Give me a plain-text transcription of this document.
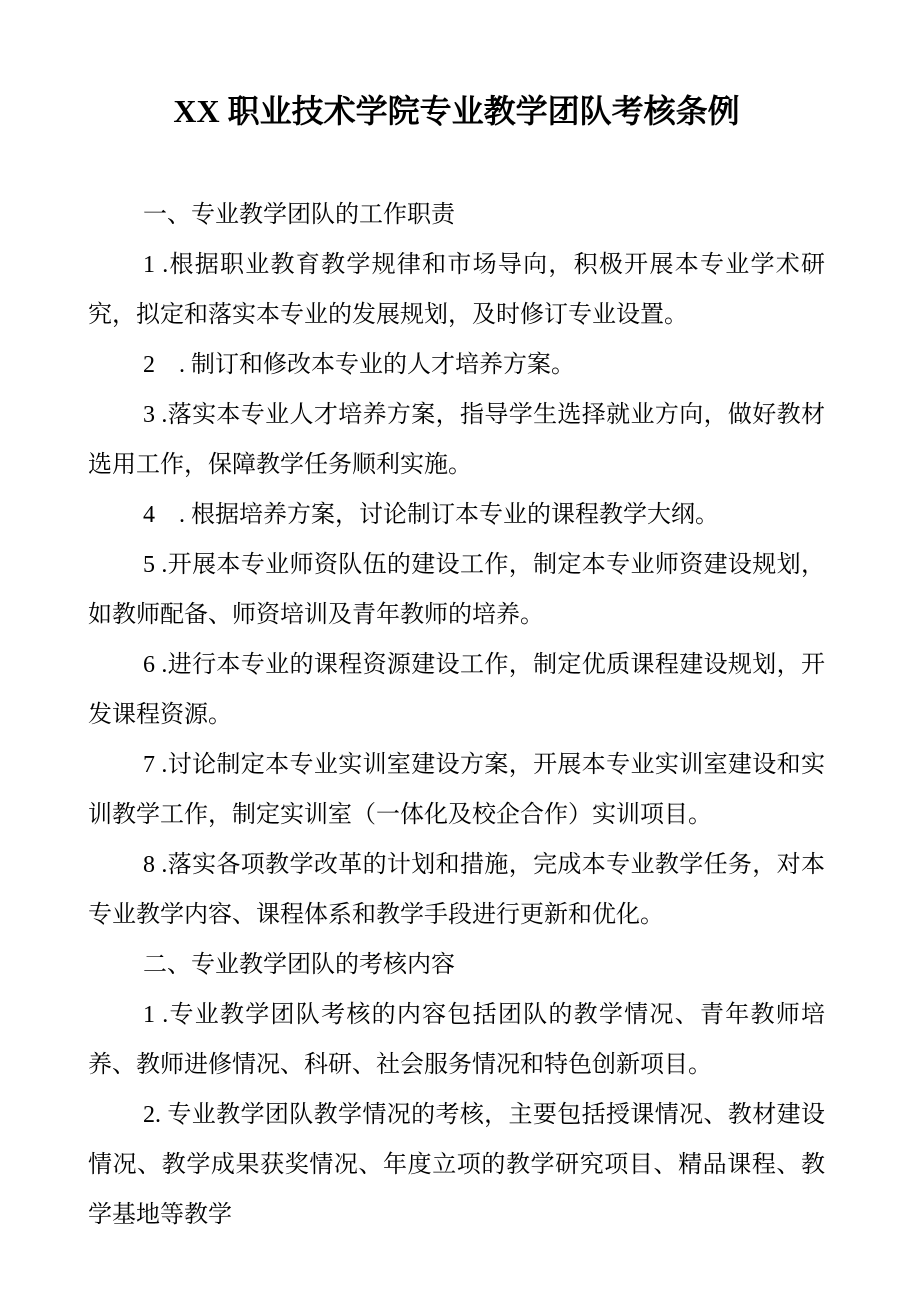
XX 职业技术学院专业教学团队考核条例

一、专业教学团队的工作职责

1 .根据职业教育教学规律和市场导向，积极开展本专业学术研究，拟定和落实本专业的发展规划，及时修订专业设置。

2　. 制订和修改本专业的人才培养方案。

3 .落实本专业人才培养方案，指导学生选择就业方向，做好教材选用工作，保障教学任务顺利实施。

4　. 根据培养方案，讨论制订本专业的课程教学大纲。

5 .开展本专业师资队伍的建设工作，制定本专业师资建设规划，如教师配备、师资培训及青年教师的培养。

6 .进行本专业的课程资源建设工作，制定优质课程建设规划，开发课程资源。

7 .讨论制定本专业实训室建设方案，开展本专业实训室建设和实训教学工作，制定实训室（一体化及校企合作）实训项目。

8 .落实各项教学改革的计划和措施，完成本专业教学任务，对本专业教学内容、课程体系和教学手段进行更新和优化。

二、专业教学团队的考核内容

1 .专业教学团队考核的内容包括团队的教学情况、青年教师培养、教师进修情况、科研、社会服务情况和特色创新项目。

2. 专业教学团队教学情况的考核，主要包括授课情况、教材建设情况、教学成果获奖情况、年度立项的教学研究项目、精品课程、教学基地等教学
